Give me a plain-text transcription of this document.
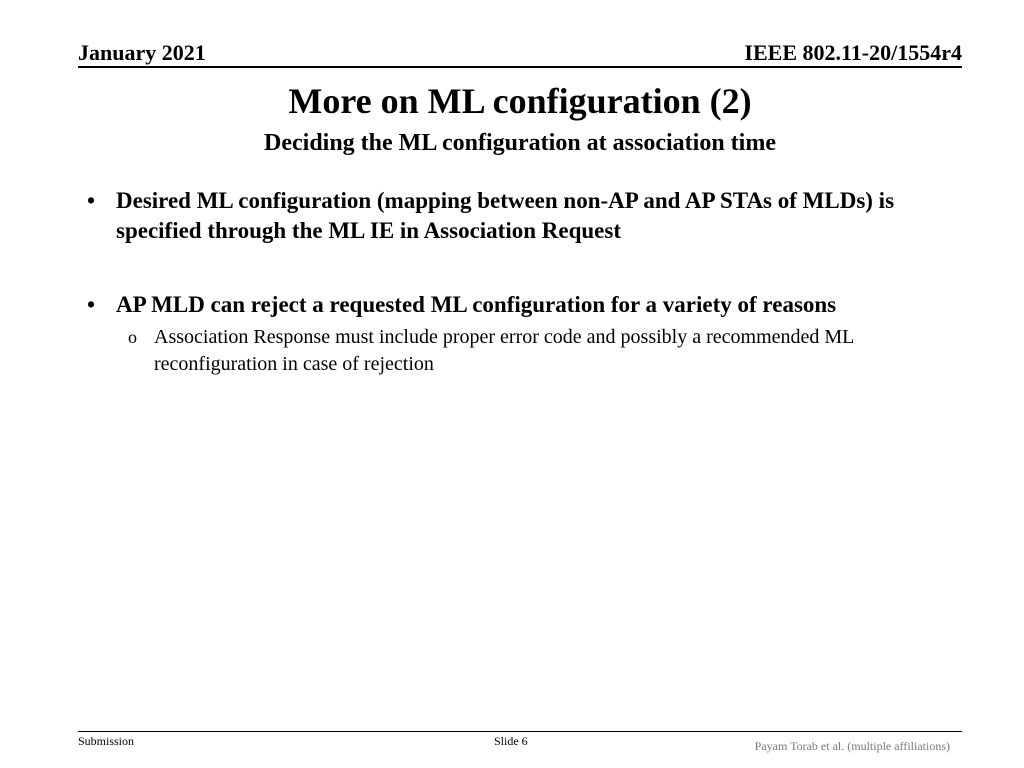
January 2021	IEEE 802.11-20/1554r4
More on ML configuration (2)
Deciding the ML configuration at association time
• Desired ML configuration (mapping between non-AP and AP STAs of MLDs) is specified through the ML IE in Association Request
• AP MLD can reject a requested ML configuration for a variety of reasons
o Association Response must include proper error code and possibly a recommended ML reconfiguration in case of rejection
Submission	Slide 6	Payam Torab et al. (multiple affiliations)
